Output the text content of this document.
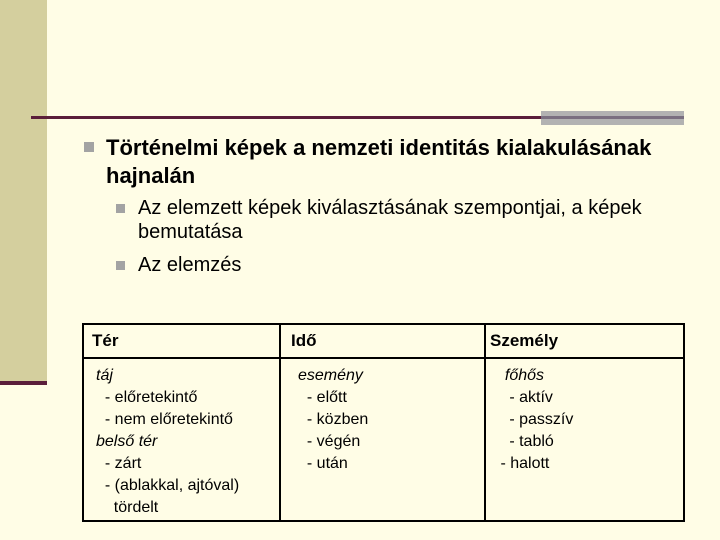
Történelmi képek a nemzeti identitás kialakulásának hajnalán
Az elemzett képek kiválasztásának szempontjai, a képek bemutatása
Az elemzés
Tér	Idő	Személy
táj
- előretekintő
- nem előretekintő
belső tér
- zárt
- (ablakkal, ajtóval)
tördelt
esemény
- előtt
- közben
- végén
- után
főhős
- aktív
- passzív
- tabló
- halott
